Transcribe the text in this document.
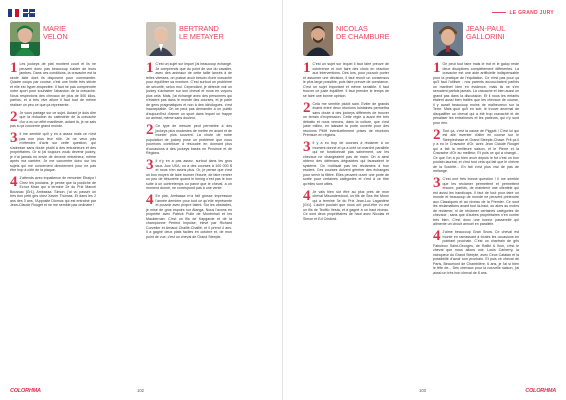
MARIE
VELON
1 Les jockeys de plat montent court et ils ne peuvent donc pas beaucoup s'aider de leurs jambes. Dans ces conditions, la cravache est la seule aide dont ils disposent pour commander. Quatre coups par course, c'est une limite très stricte et elle est hyper-respectée. Il faut ne pas comprendre notre sport pour souhaiter l'abandon de la cravache. Nous respectons des chevaux de plus de 500 kilos, parfois, et à très vive allure il faut tout de même réaliser un peu ce que ça représente.

2 Je vous partage sur ce sujet. Autant je dois dire que la réduction du calendrier de la cravache d'or a eu un effet manifeste, autant là, je ne sais pas si ça concerne grand monde.

3 Il me semble qu'il y en a assez mais ce n'est pas non plus leur rôle. Je ne veux pas m'étendre d'avis sur cette question, qui s'adresse sans doute plutôt à des entraîneurs et des propriétaires. Or si j'ai toujours voulu devenir jockey, je n'ai jamais eu envie de devenir entraîneur, même après ma carrière. Je me concentre donc sur les sujets qui me concernent directement pour ne pas être trop à côté de la plaque.

4 J'attends avec impatience de remonter Ebaiyo ! Chez les poulains, je pense que la pouliche de Ecnor Khan qui a terminé 2e du Prix Marcel Boussac [Gr1], Ambassa. Simon, j'ai vu passer un très bon petit gris chez Xavier Thomas. Et dans les 2 ans des 3 ans, l'Apposite Diomus qui est entraîné par Jean-Claude Rouget et ne me semble pas ordinaire !

BERTRAND
LE METAYER
1 C'est un sujet sur lequel j'ai beaucoup échangé. Je comprends que du point de vue du cavalier, avec des animaux de cette taille lancés à de telles vitesses, on puisse avoir besoin d'une cravache pour équilibrer sa monture. C'est surtout un problème de sécurité, selon moi. Cependant, je déteste voir un jockey s'acharner sur son cheval et nous en voyons plus cela. Mais, j'ai échangé avec des personnes qui n'étaient pas dans le monde des courses, et je parle de gens pragmatiques et non à des idéologues, c'est inacceptable. On ne peut pas demander à un public d'aujourd'hui d'aimer un sport dans lequel on frappe un animal, même sans douleur.

2 Ce type de mesure peut permettre à des jockeys plus modestes de mettre en avant et de monter plus souvent. La chute de notre population de jockey pose un problème que nous pourrions contribuer à résoudre en donnant plus d'occasions à des jockeys basés en Province et de Régions.

3 Il n'y en a pas assez, surtout dans les gros taux. Aux USA, on a des courses à 100 000 $ et nous n'en avons plus. Or, je pense que c'est un bon moyen de faire tourner l'écurie, de faire rentrer un peu de trésorerie quand le timing n'est pas le bon suite à un contretemps ou parce que le cheval, à un moment donné, ne correspond pas à une vente.

4 En plat, Ambassa m'a fait grosse impression l'année dernière pour tout ce qu'elle représente et pouvoir avec propre talent. Sur les obstacles, je mise de gros espoirs sur Alanga. Nous l'avons en propriété avec Patrick Pulle de Montmirail et les Mackiernan. C'est un fils de Kapgarde et de la championne Perfect Impulse, élevé par Richard Corveller et Arnaud Chaillé-Chaillé, et il prend 4 ans. Il a gagné deux plats faciles en octobre et, de mon point de vue, c'est un cheval de Grand Steeple.

COLORHMA	102
LE GRAND JURY
NICOLAS
DE CHAMBURE
1 C'est un sujet sur lequel il faut faire preuve de cohérence et non faire des choix en réaction aux interventions. Dès lors, pour pouvoir porter et assumer une décision, il faut réunir un consensus le plus large possible, puis faire preuve de constance. C'est un sujet important et même sensible. Il faut trouver ce juste équilibre. Il faut prendre le temps de se faire une bonne opinion.

2 Cela me semble plutôt sain. Éviter de grands écarts entre deux réunions lointaines permettra sans doute à des jockeys différents de trouver un terrain d'expression. Cette règle a aussi été très débattu et nous verrons, dans la culture, que c'est juste milieu, en laissant la porte ouverte pour des réunions PMH éventuellement prises de réunions Premium en régions.

3 Il y a eu trop de courses à réclamer à un moment donné et ça a créé un marché parallèle qui ne fonctionnait pas sainement, car les chevaux ne changeaient pas de main. On a ainsi obtenu des défenses dégradées qui faussaient le système. On n'utilisait pas les réclamers à bon escient. Ces courses doivent générer des échanges pour servir la filière. Elles peuvent ouvrir une porte de sortie pour certaines catégories et c'est à ce titre qu'elles sont utiles.

4 Je vais bien sûr être au plus près de mon cheval Misunderstood, un fils de Sea the Moon qui a terminé 3e du Prix Jean-Luc Lagardère [Gr1]. L'autre poulain que nous ont peut-être vu est un fils de Teofilo Vesta, et à gagné à un haut niveau. Ce sont deux propriétaires de haut avec Nicolas et Simon et Ed Crisford.

JEAN-PAUL
GALLORINI
1 On peut tout faire mais le trot et le galop reste deux disciplines complètement différentes. La cravache est une aide artificielle indispensable pour la pratique de l'équitation. Ce n'est pas pour ça qu'il faut l'utiliser : nos parents accouchaient parfois un martinet bien en évidence, mais ils ne s'en servaient parfois jamais. La cravache et bien aussi un grand pas dans la discussion. Et il nous les enfants étaient aussi bien traités que les chevaux de course, il y aurait beaucoup moins de malheureux sur la Terre. Mais quoi qu'il en soit, le trouve anormal de disqualifier un cheval qui a été trop cravaché et de pénaliser les entraîneurs et les parieurs, qui n'y sont pour rien.

2 Tout ça, c'est la cause de Piggott ! C'est lui qui est allé inventer d'aller en course sur le Steeplechase et Grand Steeple-Chase. Prit ça il y a eu le Cravache d'Or, avec Jean Claude Rouget qui a fait la meilleure saison, et le Pierre et la Cravache d'Or au meilleur, Et puis ce qui a changé... Ce que l'on a pu bien avoir depuis le fut c'est un bon poulain lauréat, et c'est tout cela qui fait que le chèvre de la Société... En fait c'est plus vrai de pas de mélange.

3 C'est une très bonne question ! Il me semble que les réclamer permettent et permettent encore, parfois, de maintenir une clientèle qui est aussi les handicaps. Il faut de tout pour faire un monde et beaucoup de monde ne peuvent prétendre aux Classiques et au niveau de la Premier. Ce sont les réclamations avant tout là-haut, ou alors au moins de reclamer, ni de réclamer certaines catégories de chevaux ; sans que d'autres propriétaires n'en contre très bien. C'est donc une bonne passerelle qui alimente un circuit annuel en parallèle.

4 J'aime beaucoup Gran Snow. Ce cheval est monté en ramassant à toutes les occasions en pointant prochain. C'est un chartrain de gris Fabuleux Saint-Georges, de Rafiki & Ikon, c'est le cheval que nous allons voir. Louis Carberry, la vainqueur du Grand Steeple, avec Ceux Catalan et la possibilité d'avoir son prochain. Et puis ce cheval de Paris, Beaumont de Chamblière, 6 ans, je l'ai si bien le fête de... Des chevaux pour la nouvelle saison, j'ai aussi un très bon cheval de 8 ans.

103	COLORHMA
